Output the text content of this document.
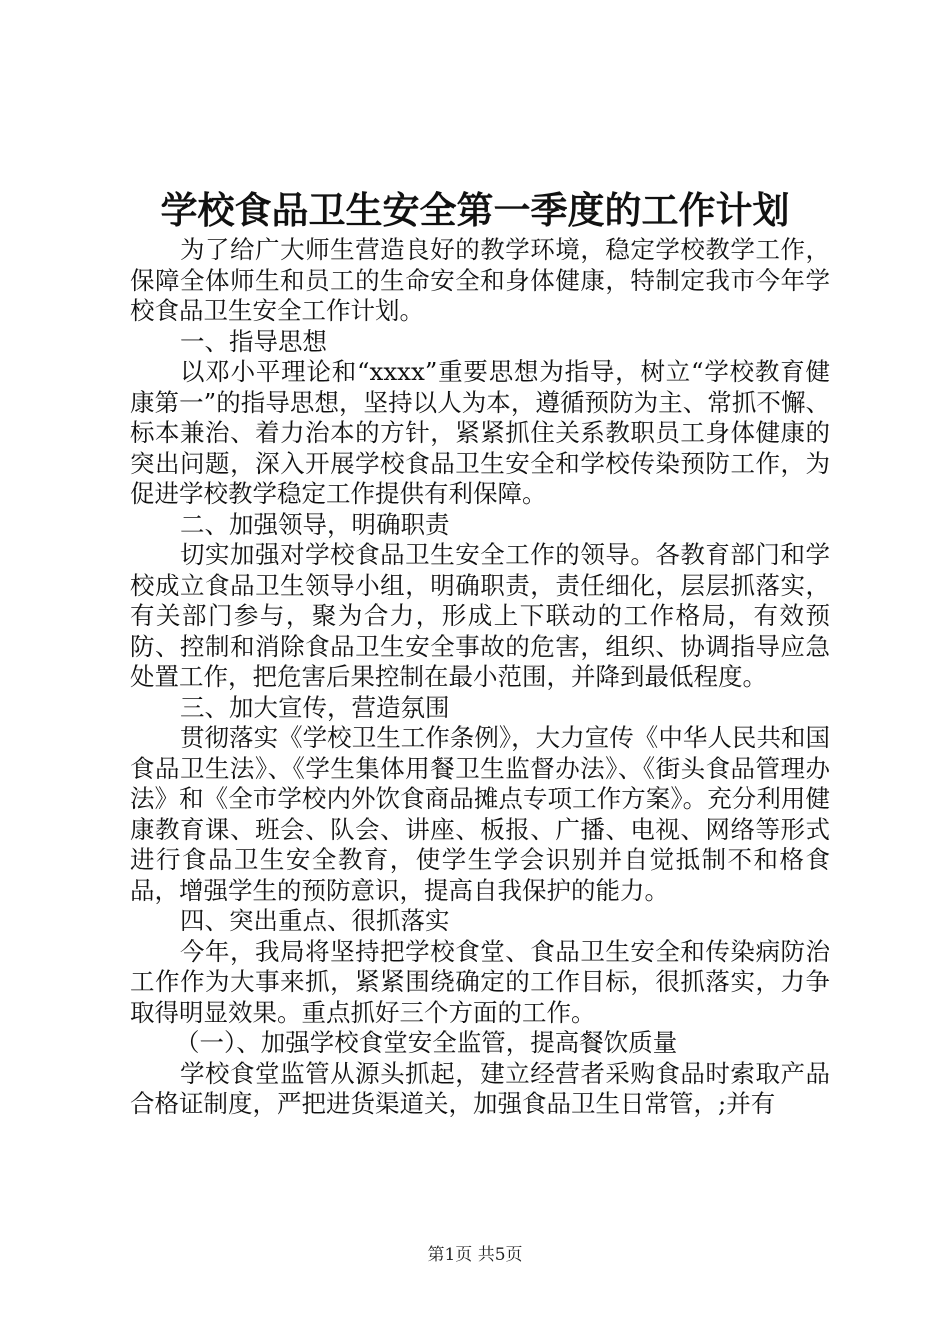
学校食品卫生安全第一季度的工作计划

为了给广大师生营造良好的教学环境，稳定学校教学工作，保障全体师生和员工的生命安全和身体健康，特制定我市今年学校食品卫生安全工作计划。

一、指导思想

以邓小平理论和“xxxx”重要思想为指导，树立“学校教育健康第一”的指导思想，坚持以人为本，遵循预防为主、常抓不懈、标本兼治、着力治本的方针，紧紧抓住关系教职员工身体健康的突出问题，深入开展学校食品卫生安全和学校传染预防工作，为促进学校教学稳定工作提供有利保障。

二、加强领导，明确职责

切实加强对学校食品卫生安全工作的领导。各教育部门和学校成立食品卫生领导小组，明确职责，责任细化，层层抓落实，有关部门参与，聚为合力，形成上下联动的工作格局，有效预防、控制和消除食品卫生安全事故的危害，组织、协调指导应急处置工作，把危害后果控制在最小范围，并降到最低程度。

三、加大宣传，营造氛围

贯彻落实《学校卫生工作条例》，大力宣传《中华人民共和国食品卫生法》、《学生集体用餐卫生监督办法》、《街头食品管理办法》和《全市学校内外饮食商品摊点专项工作方案》。充分利用健康教育课、班会、队会、讲座、板报、广播、电视、网络等形式进行食品卫生安全教育，使学生学会识别并自觉抵制不和格食品，增强学生的预防意识，提高自我保护的能力。

四、突出重点、很抓落实

今年，我局将坚持把学校食堂、食品卫生安全和传染病防治工作作为大事来抓，紧紧围绕确定的工作目标，很抓落实，力争取得明显效果。重点抓好三个方面的工作。

（一）、加强学校食堂安全监管，提高餐饮质量

学校食堂监管从源头抓起，建立经营者采购食品时索取产品合格证制度，严把进货渠道关，加强食品卫生日常管，;并有

第1页 共5页
